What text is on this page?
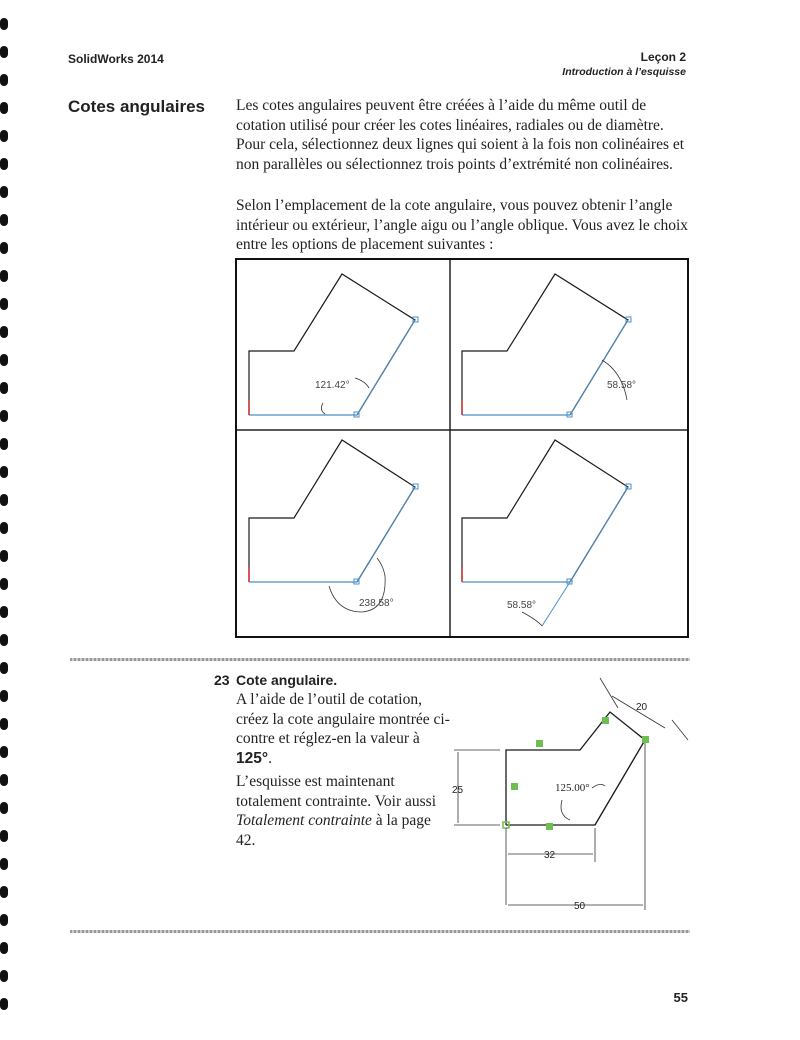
SolidWorks 2014	Leçon 2
Introduction à l’esquisse
Cotes angulaires Les cotes angulaires peuvent être créées à l’aide du même outil de cotation utilisé pour créer les cotes linéaires, radiales ou de diamètre. Pour cela, sélectionnez deux lignes qui soient à la fois non colinéaires et non parallèles ou sélectionnez trois points d’extrémité non colinéaires.
Selon l’emplacement de la cote angulaire, vous pouvez obtenir l’angle intérieur ou extérieur, l’angle aigu ou l’angle oblique. Vous avez le choix entre les options de placement suivantes :
121.42°	58.58°
238.58°	58.58°
23 Cote angulaire.
A l’aide de l’outil de cotation, créez la cote angulaire montrée ci-contre et réglez-en la valeur à 125°.
L’esquisse est maintenant totalement contrainte. Voir aussi Totalement contrainte à la page 42.
125.00°
20
25
32
50
55
